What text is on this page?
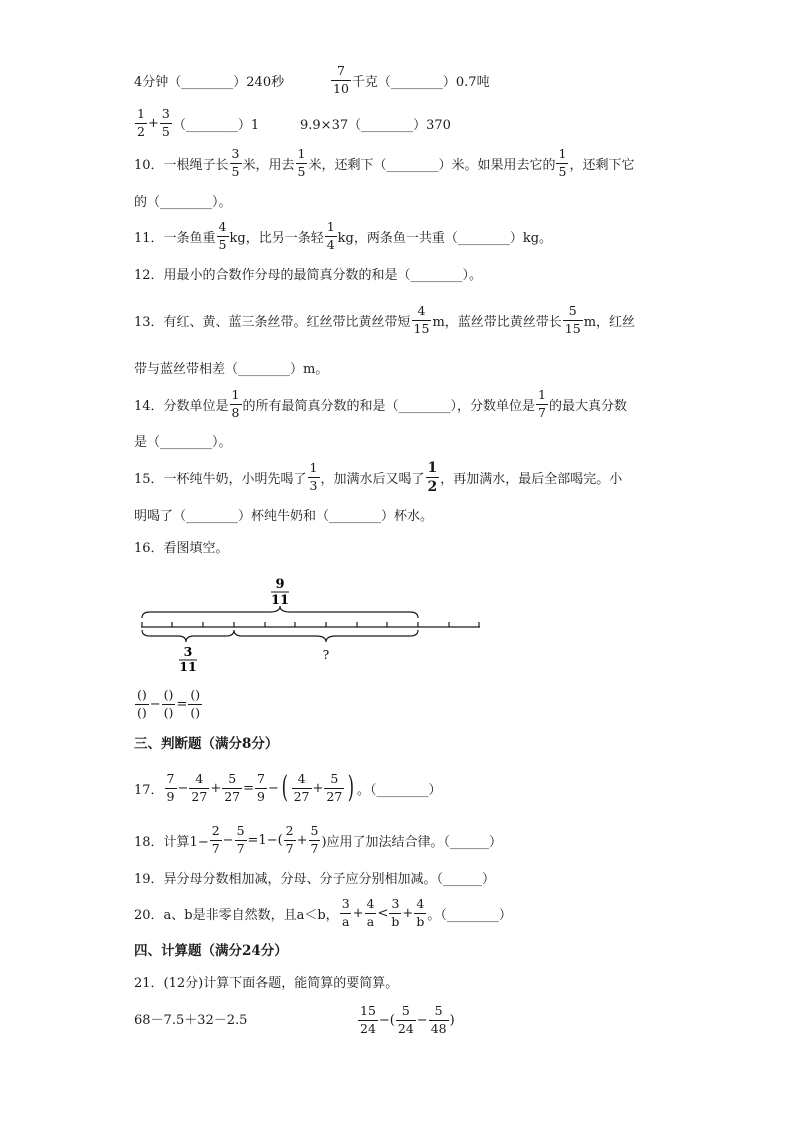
4分钟（________）240秒	$\frac{7}{10}$ 千克（________）0.7吨
$\frac{1}{2} + \frac{3}{5}$ （________）1	9.9×37（________）370
10．一根绳子长 $\frac{3}{5}$ 米，用去 $\frac{1}{5}$ 米，还剩下（________）米。如果用去它的 $\frac{1}{5}$ ，还剩下它
的（________）。
11．一条鱼重 $\frac{4}{5}$ kg，比另一条轻 $\frac{1}{4}$ kg，两条鱼一共重（________）kg。
12．用最小的合数作分母的最简真分数的和是（________）。
13．有红、黄、蓝三条丝带。红丝带比黄丝带短 $\frac{4}{15}$ m，蓝丝带比黄丝带长 $\frac{5}{15}$ m，红丝
带与蓝丝带相差（________）m。
14．分数单位是 $\frac{1}{8}$ 的所有最简真分数的和是（________），分数单位是 $\frac{1}{7}$ 的最大真分数
是（________）。
15．一杯纯牛奶，小明先喝了 $\frac{1}{3}$ ，加满水后又喝了 $\frac{1}{2}$ ，再加满水，最后全部喝完。小
明喝了（________）杯纯牛奶和（________）杯水。
16．看图填空。
9
11
3
11
?
$\frac{()}{()} - \frac{()}{()} = \frac{()}{()}$
三、判断题（满分8分）
17． $\frac{7}{9} - \frac{4}{27} + \frac{5}{27} = \frac{7}{9}$ − ( $\frac{4}{27} + \frac{5}{27}$ ) 。（________）
18．计算$1- \frac{2}{7} - \frac{5}{7} =1-( \frac{2}{7} + \frac{5}{7}$ )应用了加法结合律。（______）
19．异分母分数相加减，分母、分子应分别相加减。（______）
20．a、b是非零自然数，且a＜b， $\frac{3}{a} + \frac{4}{a} < \frac{3}{b} + \frac{4}{b}$ 。（________）
四、计算题（满分24分）
21．(12分)计算下面各题，能简算的要简算。
68－7.5＋32－2.5	$\frac{15}{24}$ −( $\frac{5}{24} - \frac{5}{48}$ )
